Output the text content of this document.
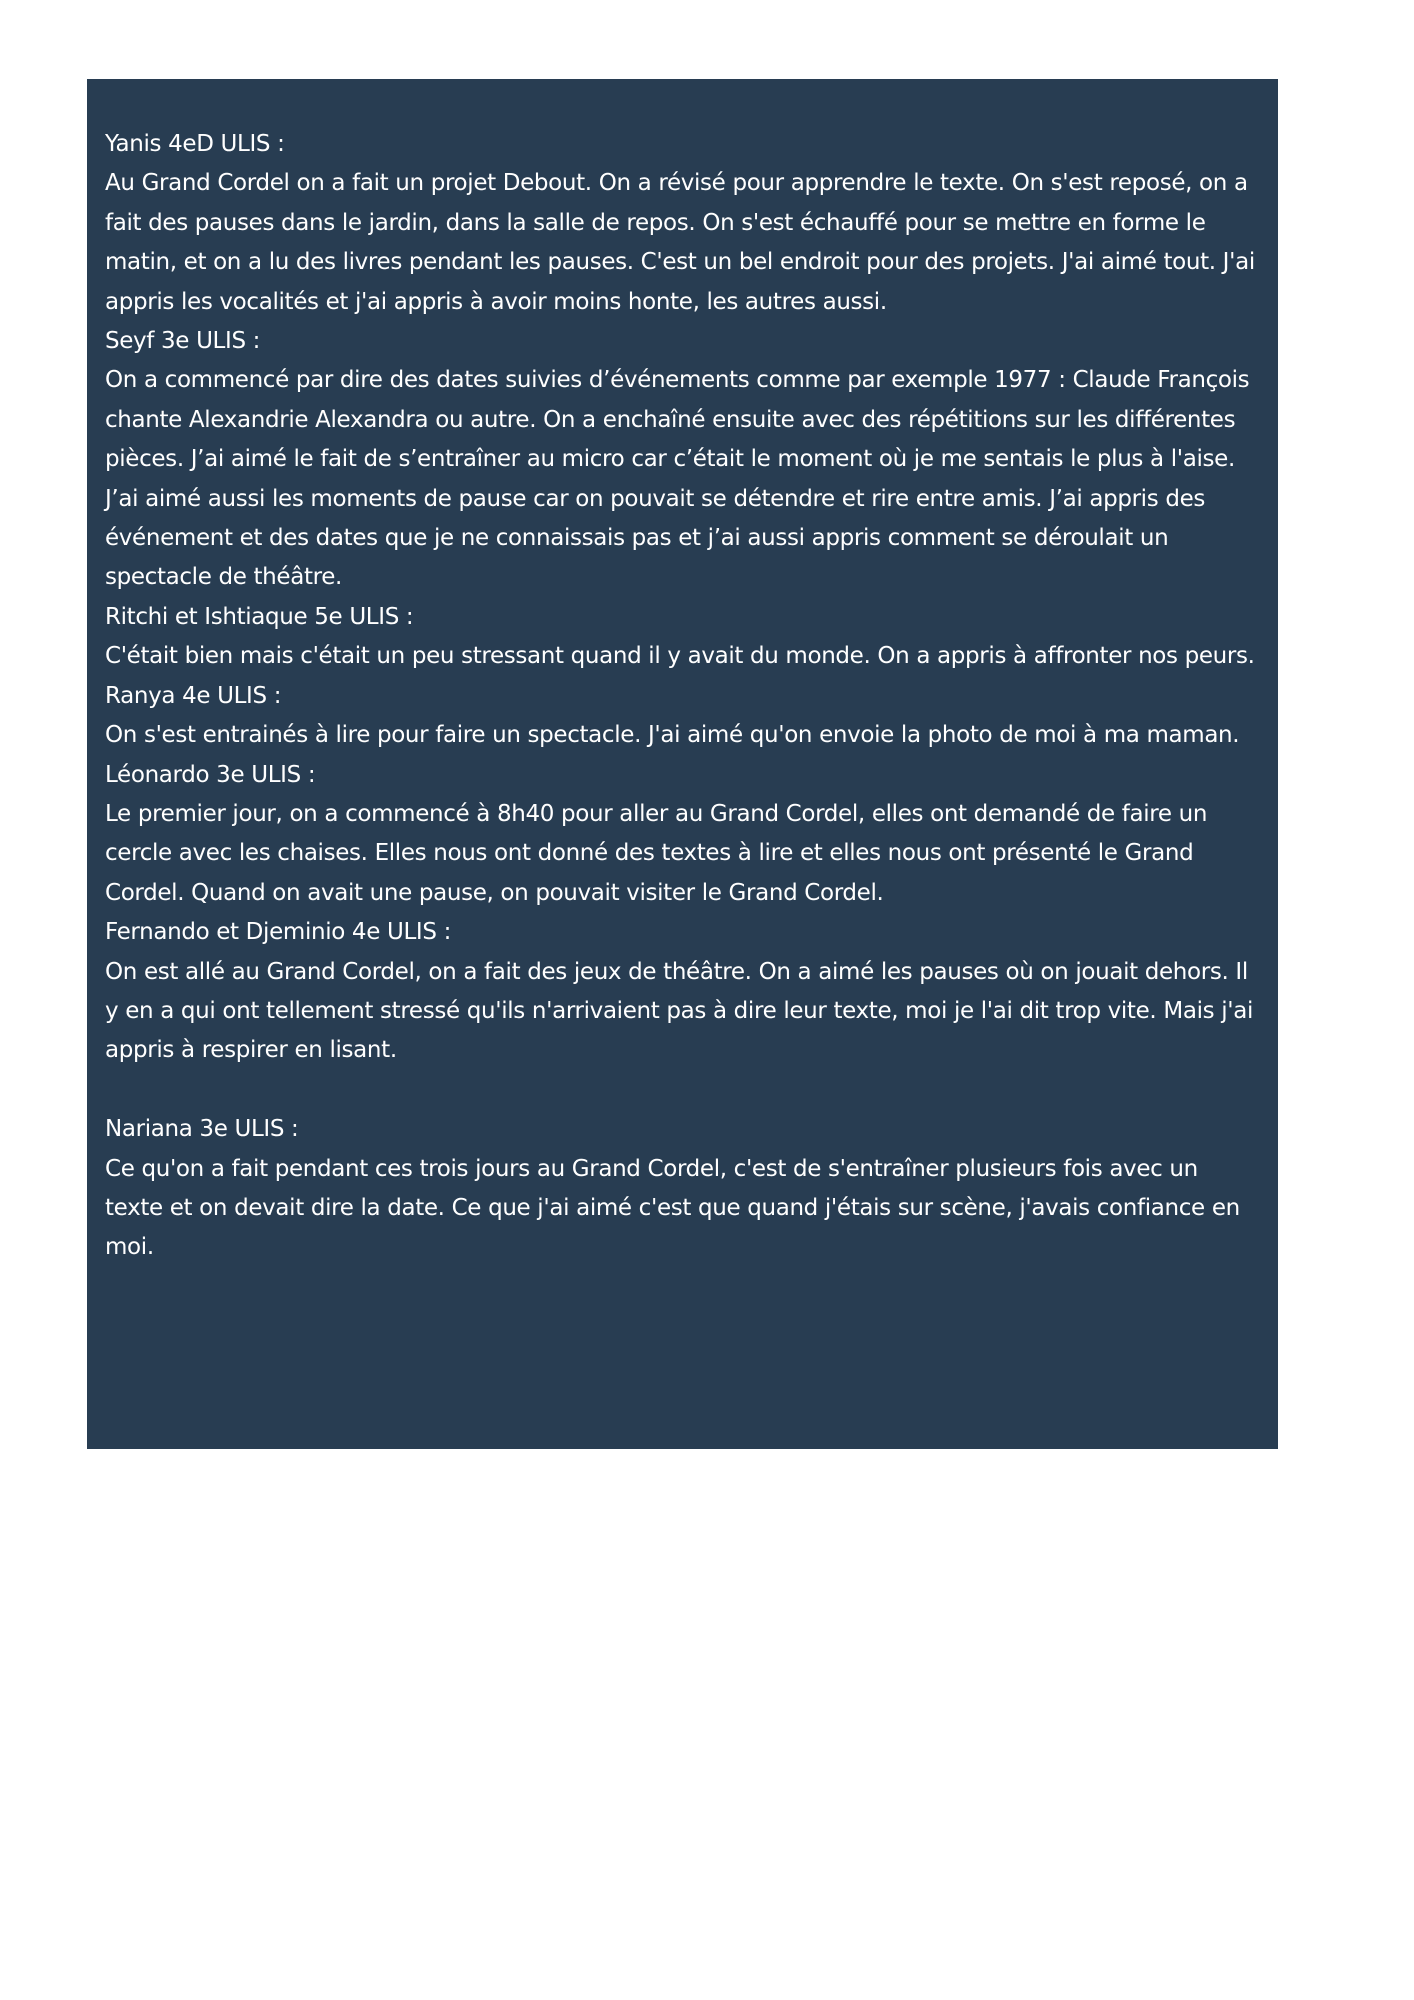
Yanis 4eD ULIS :
Au Grand Cordel on a fait un projet Debout. On a révisé pour apprendre le texte. On s'est reposé, on a fait des pauses dans le jardin, dans la salle de repos. On s'est échauffé pour se mettre en forme le matin, et on a lu des livres pendant les pauses. C'est un bel endroit pour des projets. J'ai aimé tout. J'ai appris les vocalités et j'ai appris à avoir moins honte, les autres aussi.
Seyf 3e ULIS :
On a commencé par dire des dates suivies d’événements comme par exemple 1977 : Claude François chante Alexandrie Alexandra ou autre. On a enchaîné ensuite avec des répétitions sur les différentes pièces. J’ai aimé le fait de s’entraîner au micro car c’était le moment où je me sentais le plus à l'aise. J’ai aimé aussi les moments de pause car on pouvait se détendre et rire entre amis. J’ai appris des événement et des dates que je ne connaissais pas et j’ai aussi appris comment se déroulait un spectacle de théâtre.
Ritchi et Ishtiaque 5e ULIS :
C'était bien mais c'était un peu stressant quand il y avait du monde. On a appris à affronter nos peurs.
Ranya 4e ULIS :
On s'est entrainés à lire pour faire un spectacle. J'ai aimé qu'on envoie la photo de moi à ma maman.
Léonardo 3e ULIS :
Le premier jour, on a commencé à 8h40 pour aller au Grand Cordel, elles ont demandé de faire un cercle avec les chaises. Elles nous ont donné des textes à lire et elles nous ont présenté le Grand Cordel. Quand on avait une pause, on pouvait visiter le Grand Cordel.
Fernando et Djeminio 4e ULIS :
On est allé au Grand Cordel, on a fait des jeux de théâtre. On a aimé les pauses où on jouait dehors. Il y en a qui ont tellement stressé qu'ils n'arrivaient pas à dire leur texte, moi je l'ai dit trop vite. Mais j'ai appris à respirer en lisant.
Nariana 3e ULIS :
Ce qu'on a fait pendant ces trois jours au Grand Cordel, c'est de s'entraîner plusieurs fois avec un texte et on devait dire la date. Ce que j'ai aimé c'est que quand j'étais sur scène, j'avais confiance en moi.
